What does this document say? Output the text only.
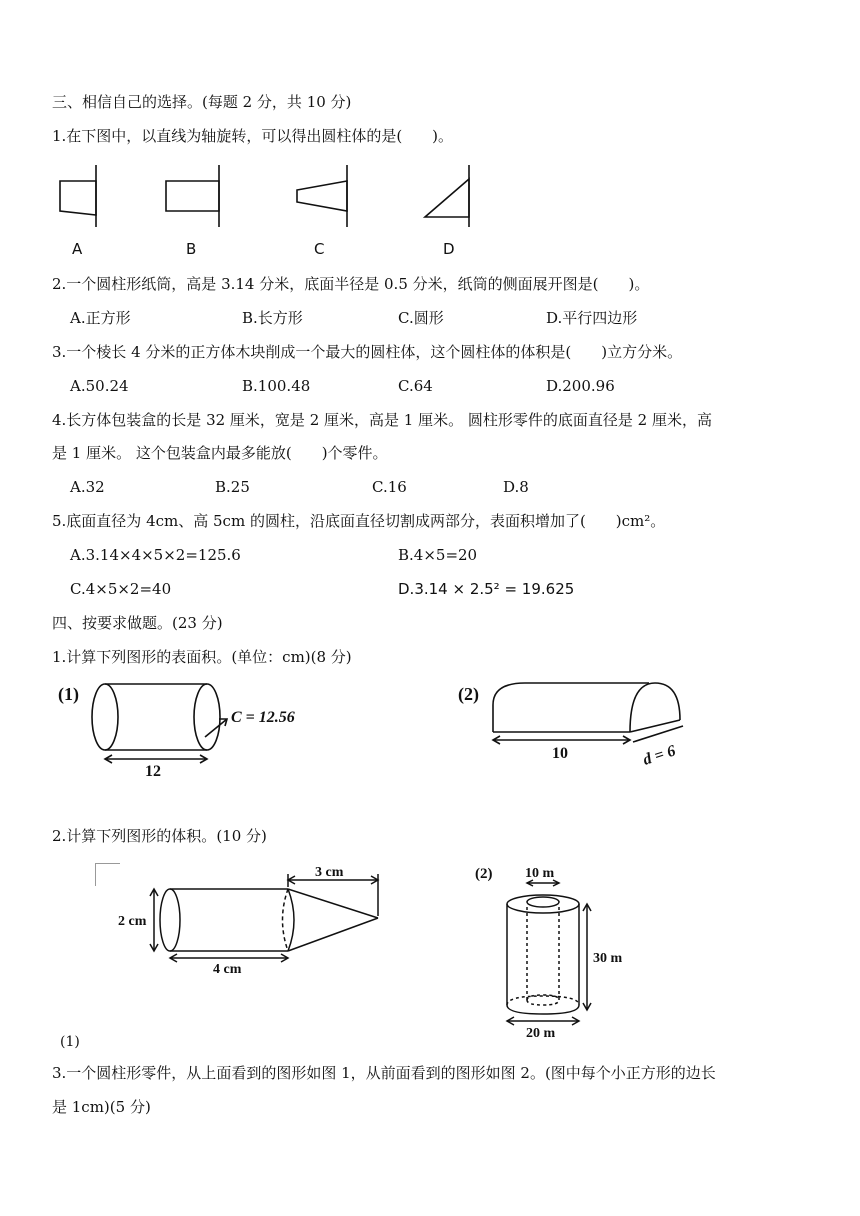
三、相信自己的选择。(每题 2 分，共 10 分)
1.在下图中，以直线为轴旋转，可以得出圆柱体的是(　　)。
A	B	C	D
2.一个圆柱形纸筒，高是 3.14 分米，底面半径是 0.5 分米，纸筒的侧面展开图是(　　)。
A.正方形	B.长方形	C.圆形	D.平行四边形
3.一个棱长 4 分米的正方体木块削成一个最大的圆柱体，这个圆柱体的体积是(　　)立方分米。
A.50.24	B.100.48	C.64	D.200.96
4.长方体包装盒的长是 32 厘米，宽是 2 厘米，高是 1 厘米。 圆柱形零件的底面直径是 2 厘米，高
是 1 厘米。 这个包装盒内最多能放(　　)个零件。
A.32	B.25	C.16	D.8
5.底面直径为 4cm、高 5cm 的圆柱，沿底面直径切割成两部分，表面积增加了(　　)cm²。
A.3.14×4×5×2=125.6	B.4×5=20
C.4×5×2=40	D.3.14 × 2.5² = 19.625
四、按要求做题。(23 分)
1.计算下列图形的表面积。(单位：cm)(8 分)
(1)
C = 12.56
12
(2)
10	d = 6
2.计算下列图形的体积。(10 分)
3 cm
2 cm
4 cm
(1)
(2) 10 m
30 m
20 m
3.一个圆柱形零件，从上面看到的图形如图 1，从前面看到的图形如图 2。(图中每个小正方形的边长
是 1cm)(5 分)
